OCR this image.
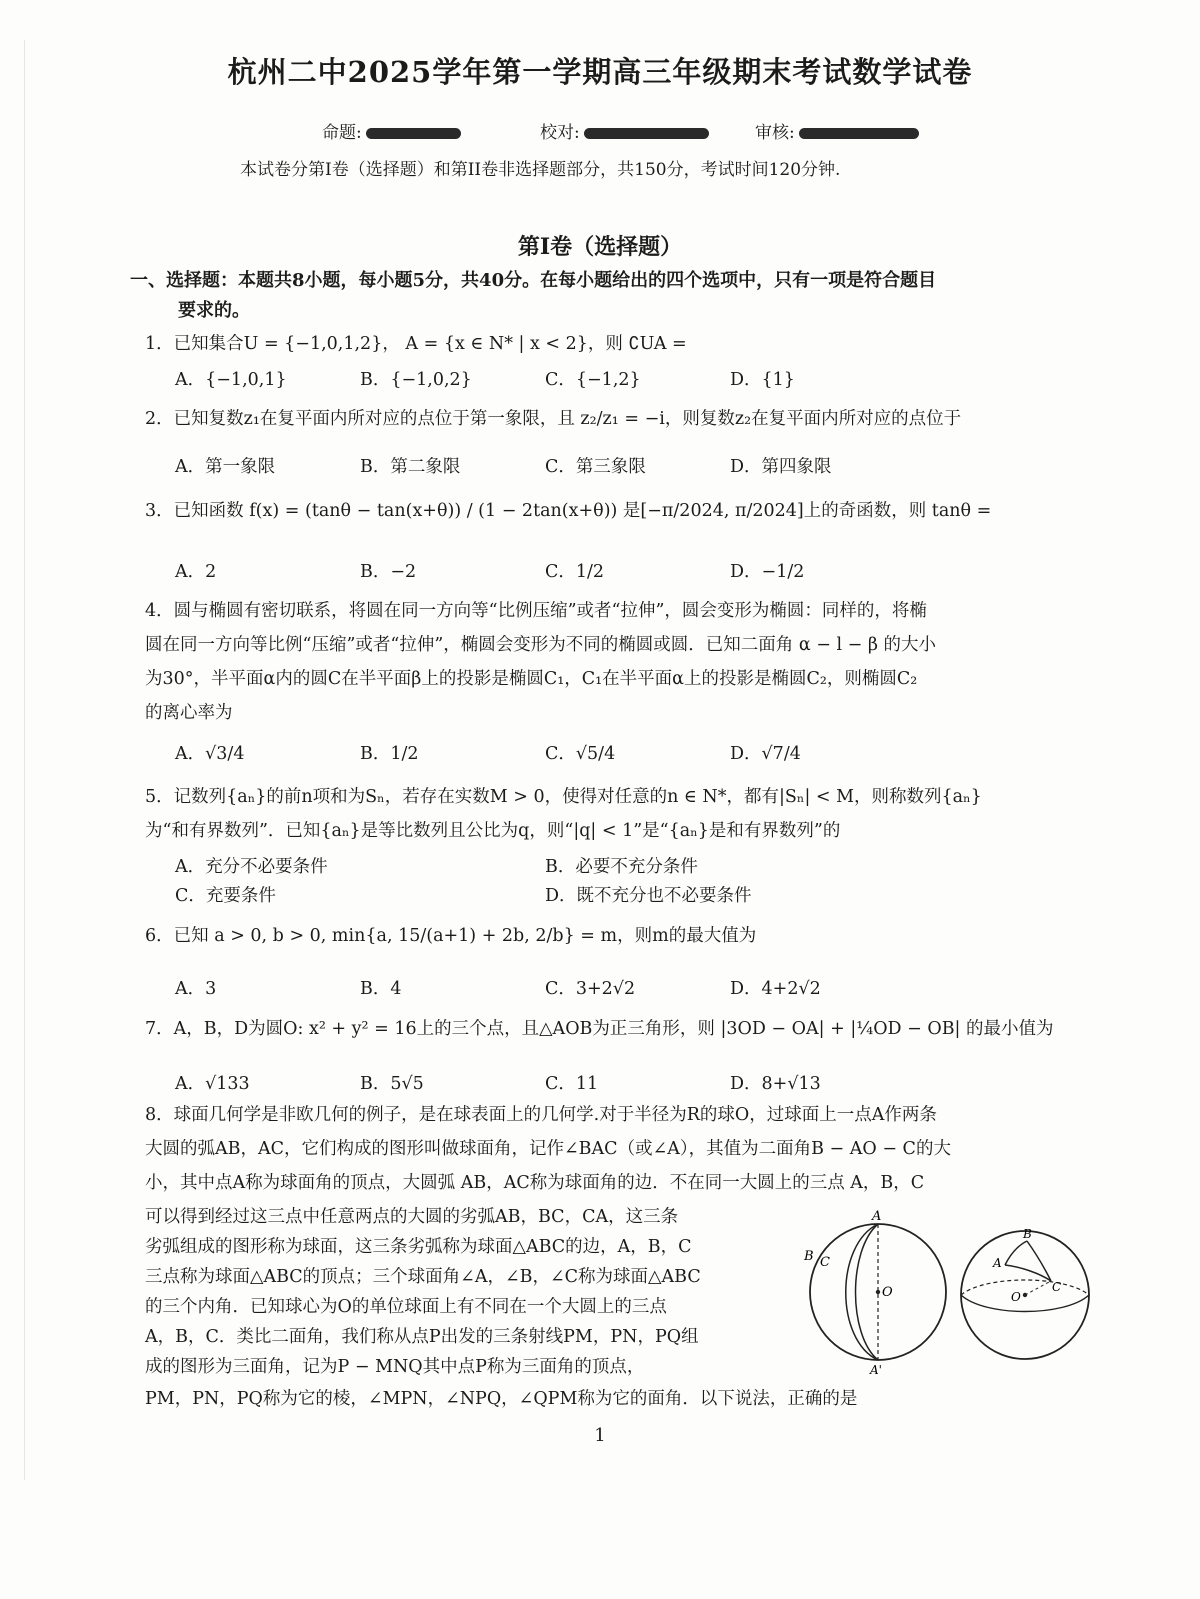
杭州二中2025学年第一学期高三年级期末考试数学试卷
命题:	校对:	审核:
本试卷分第I卷（选择题）和第II卷非选择题部分，共150分，考试时间120分钟.
第I卷（选择题）
一、选择题：本题共8小题，每小题5分，共40分。在每小题给出的四个选项中，只有一项是符合题目
要求的。
1．已知集合U = {−1,0,1,2}， A = {x ∈ N* | x < 2}，则 ∁UA =
A．{−1,0,1}	B．{−1,0,2}	C．{−1,2}	D．{1}
2．已知复数z₁在复平面内所对应的点位于第一象限，且 z₂/z₁ = −i，则复数z₂在复平面内所对应的点位于
A．第一象限	B．第二象限	C．第三象限	D．第四象限
3．已知函数 f(x) = (tanθ − tan(x+θ)) / (1 − 2tan(x+θ)) 是[−π/2024, π/2024]上的奇函数，则 tanθ =
A．2	B．−2	C．1/2	D．−1/2
4．圆与椭圆有密切联系，将圆在同一方向等“比例压缩”或者“拉伸”，圆会变形为椭圆：同样的，将椭
圆在同一方向等比例“压缩”或者“拉伸”，椭圆会变形为不同的椭圆或圆．已知二面角 α − l − β 的大小
为30°，半平面α内的圆C在半平面β上的投影是椭圆C₁，C₁在半平面α上的投影是椭圆C₂，则椭圆C₂
的离心率为
A．√3/4	B．1/2	C．√5/4	D．√7/4
5．记数列{aₙ}的前n项和为Sₙ，若存在实数M > 0，使得对任意的n ∈ N*，都有|Sₙ| < M，则称数列{aₙ}
为“和有界数列”．已知{aₙ}是等比数列且公比为q，则“|q| < 1”是“{aₙ}是和有界数列”的
A．充分不必要条件	B．必要不充分条件
C．充要条件	D．既不充分也不必要条件
6．已知 a > 0, b > 0, min{a, 15/(a+1) + 2b, 2/b} = m，则m的最大值为
A．3	B．4	C．3+2√2	D．4+2√2
7．A，B，D为圆O: x² + y² = 16上的三个点，且△AOB为正三角形，则 |3OD − OA| + |¼OD − OB| 的最小值为
A．√133	B．5√5	C．11	D．8+√13
8．球面几何学是非欧几何的例子，是在球表面上的几何学.对于半径为R的球O，过球面上一点A作两条
大圆的弧AB，AC，它们构成的图形叫做球面角，记作∠BAC（或∠A），其值为二面角B − AO − C的大
小，其中点A称为球面角的顶点，大圆弧 AB，AC称为球面角的边．不在同一大圆上的三点 A，B，C
可以得到经过这三点中任意两点的大圆的劣弧AB，BC，CA，这三条
劣弧组成的图形称为球面，这三条劣弧称为球面△ABC的边，A，B，C
三点称为球面△ABC的顶点；三个球面角∠A，∠B，∠C称为球面△ABC
的三个内角．已知球心为O的单位球面上有不同在一个大圆上的三点
A，B，C．类比二面角，我们称从点P出发的三条射线PM，PN，PQ组
成的图形为三面角，记为P − MNQ其中点P称为三面角的顶点，
PM，PN，PQ称为它的棱，∠MPN，∠NPQ，∠QPM称为它的面角．以下说法，正确的是
A
B C
O
A'
A
B
C
O
1
